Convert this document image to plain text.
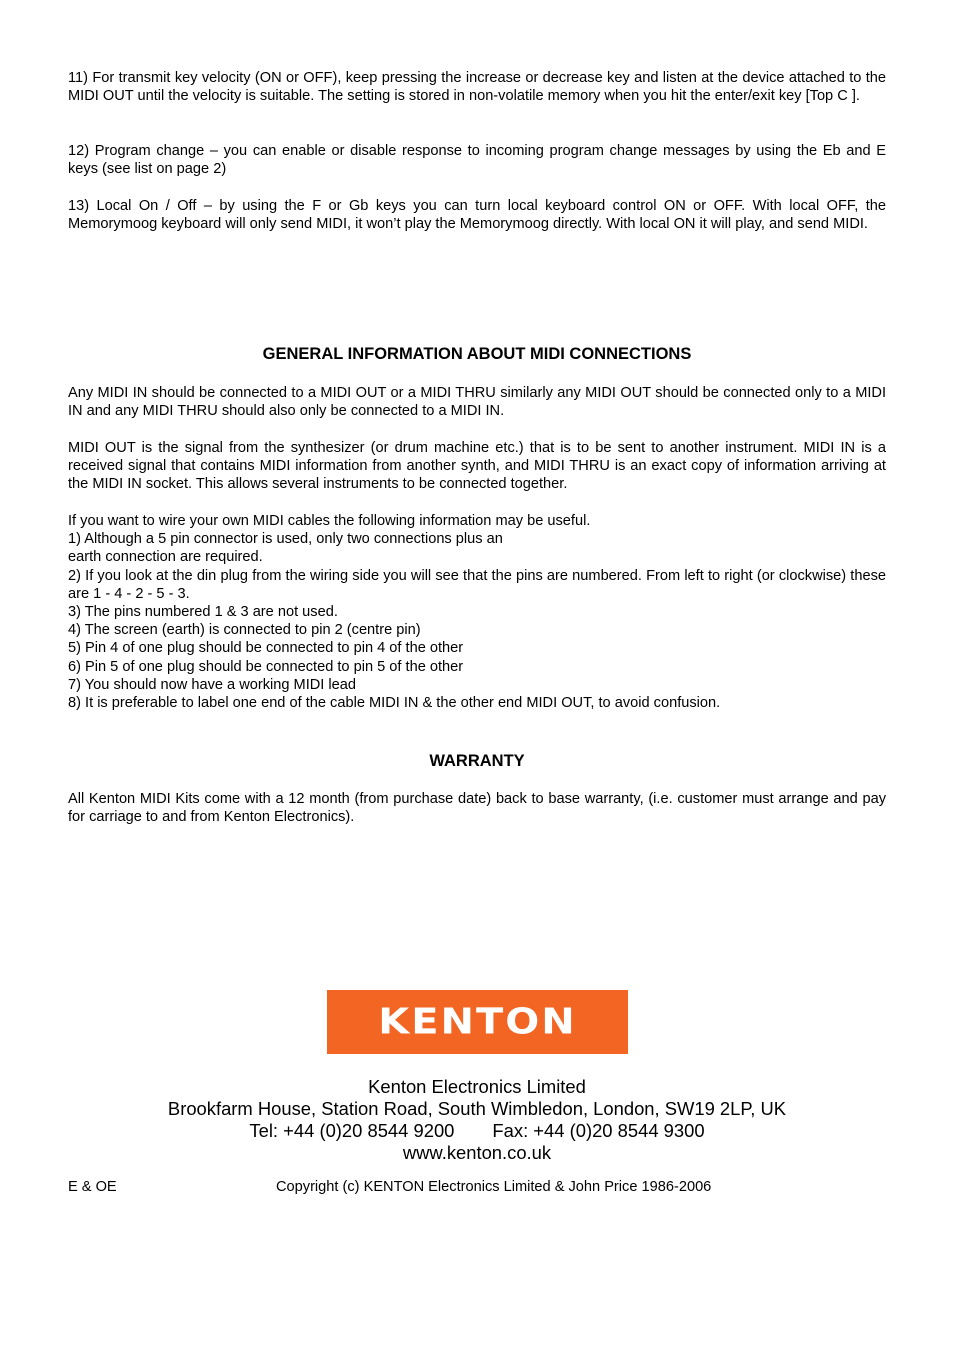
11) For transmit key velocity (ON or OFF), keep pressing the increase or decrease key and listen at the device attached to the MIDI OUT until the velocity is suitable. The setting is stored in non-volatile memory when you hit the enter/exit key [Top C ].

12) Program change – you can enable or disable response to incoming program change messages by using the Eb and E keys (see list on page 2)

13) Local On / Off – by using the F or Gb keys you can turn local keyboard control ON or OFF. With local OFF, the Memorymoog keyboard will only send MIDI, it won’t play the Memorymoog directly. With local ON it will play, and send MIDI.

GENERAL INFORMATION ABOUT MIDI CONNECTIONS

Any MIDI IN should be connected to a MIDI OUT or a MIDI THRU similarly any MIDI OUT should be connected only to a MIDI IN and any MIDI THRU should also only be connected to a MIDI IN.

MIDI OUT is the signal from the synthesizer (or drum machine etc.) that is to be sent to another instrument. MIDI IN is a received signal that contains MIDI information from another synth, and MIDI THRU is an exact copy of information arriving at the MIDI IN socket. This allows several instruments to be connected together.

If you want to wire your own MIDI cables the following information may be useful.

1) Although a 5 pin connector is used, only two connections plus an

earth connection are required.

2) If you look at the din plug from the wiring side you will see that the pins are numbered. From left to right (or clockwise) these are 1 - 4 - 2 - 5 - 3.

3) The pins numbered 1 & 3 are not used.

4) The screen (earth) is connected to pin 2 (centre pin)

5) Pin 4 of one plug should be connected to pin 4 of the other

6) Pin 5 of one plug should be connected to pin 5 of the other

7) You should now have a working MIDI lead

8) It is preferable to label one end of the cable MIDI IN & the other end MIDI OUT, to avoid confusion.

WARRANTY

All Kenton MIDI Kits come with a 12 month (from purchase date) back to base warranty, (i.e. customer must arrange and pay for carriage to and from Kenton Electronics).

KENTON
Kenton Electronics Limited
Brookfarm House, Station Road, South Wimbledon, London, SW19 2LP, UK
Tel: +44 (0)20 8544 9200 Fax: +44 (0)20 8544 9300
www.kenton.co.uk
E & OE	Copyright (c) KENTON Electronics Limited & John Price 1986-2006
